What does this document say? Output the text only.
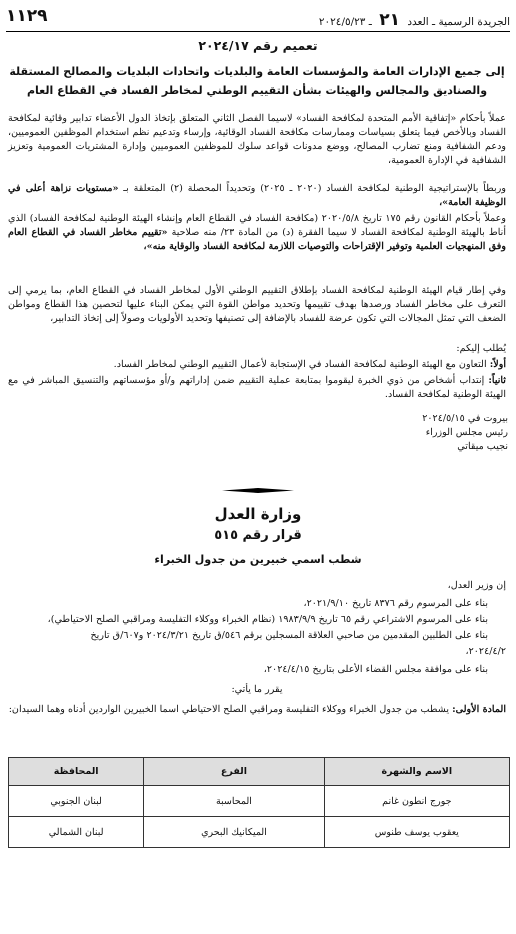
الجريدة الرسمية ـ العدد ٢١ ـ ٢٠٢٤/٥/٢٣
١١٢٩
تعميم رقم ٢٠٢٤/١٧
إلى جميع الإدارات العامة والمؤسسات العامة والبلديات واتحادات البلديات والمصالح المستقلة
والصناديق والمجالس والهيئات بشأن التقييم الوطني لمخاطر الفساد في القطاع العام
عملاً بأحكام «إتفاقية الأمم المتحدة لمكافحة الفساد» لاسيما الفصل الثاني المتعلق بإتخاذ الدول الأعضاء تدابير وقائية لمكافحة الفساد وبالأخص فيما يتعلق بسياسات وممارسات مكافحة الفساد الوقائية، وإرساء وتدعيم نظم استخدام الموظفين العموميين، ودعم الشفافية ومنع تضارب المصالح، ووضع مدونات قواعد سلوك للموظفين العموميين وإدارة المشتريات العمومية وتعزيز الشفافية في الإدارة العمومية،
وربطاً بالإستراتيجية الوطنية لمكافحة الفساد (٢٠٢٠ ـ ٢٠٢٥) وتحديداً المحصلة (٢) المتعلقة بـ «مستويات نزاهة أعلى في الوظيفة العامة»،
وعملاً بأحكام القانون رقم ١٧٥ تاريخ ٢٠٢٠/٥/٨ (مكافحة الفساد في القطاع العام وإنشاء الهيئة الوطنية لمكافحة الفساد) الذي أناط بالهيئة الوطنية لمكافحة الفساد لا سيما الفقرة (د) من المادة ٢٣/ منه صلاحية «تقييم مخاطر الفساد في القطاع العام وفق المنهجيات العلمية وتوفير الإقتراحات والتوصيات اللازمة لمكافحة الفساد والوقاية منه»،
وفي إطار قيام الهيئة الوطنية لمكافحة الفساد بإطلاق التقييم الوطني الأول لمخاطر الفساد في القطاع العام، بما يرمي إلى التعرف على مخاطر الفساد ورصدها بهدف تقييمها وتحديد مواطن القوة التي يمكن البناء عليها لتحصين هذا القطاع ومواطن الضعف التي تمثل المجالات التي تكون عرضة للفساد بالإضافة إلى تصنيفها وتحديد الأولويات وصولاً إلى إتخاذ التدابير،
يُطلب إليكم:
أولاً: التعاون مع الهيئة الوطنية لمكافحة الفساد في الإستجابة لأعمال التقييم الوطني لمخاطر الفساد.
ثانياً: إنتداب أشخاص من ذوي الخبرة ليقوموا بمتابعة عملية التقييم ضمن إداراتهم و/أو مؤسساتهم والتنسيق المباشر في مع الهيئة الوطنية لمكافحة الفساد.
بيروت في ٢٠٢٤/٥/١٥
رئيس مجلس الوزراء
نجيب ميقاتي
وزارة العدل
قرار رقم ٥١٥
شطب اسمي خبيرين من جدول الخبراء
إن وزير العدل،
بناء على المرسوم رقم ٨٣٧٦ تاريخ ٢٠٢١/٩/١٠،
بناء على المرسوم الاشتراعي رقم ٦٥ تاريخ ١٩٨٣/٩/٩ (نظام الخبراء ووكلاء التفليسة ومراقبي الصلح الاحتياطي)،
بناء على الطلبين المقدمين من صاحبي العلاقة المسجلين برقم ٥٤٦/ق تاريخ ٢٠٢٤/٣/٢١ و٦٠٧/ق تاريخ
٢٠٢٤/٤/٢،
بناء على موافقة مجلس القضاء الأعلى بتاريخ ٢٠٢٤/٤/١٥،
يقرر ما يأتي:
المادة الأولى: يشطب من جدول الخبراء ووكلاء التفليسة ومراقبي الصلح الاحتياطي اسما الخبيرين الواردين أدناه وهما السيدان:
الاسم والشهرة	الفرع	المحافظة
جورج انطون غانم	المحاسبة	لبنان الجنوبي
يعقوب يوسف طنوس	الميكانيك البحري	لبنان الشمالي
